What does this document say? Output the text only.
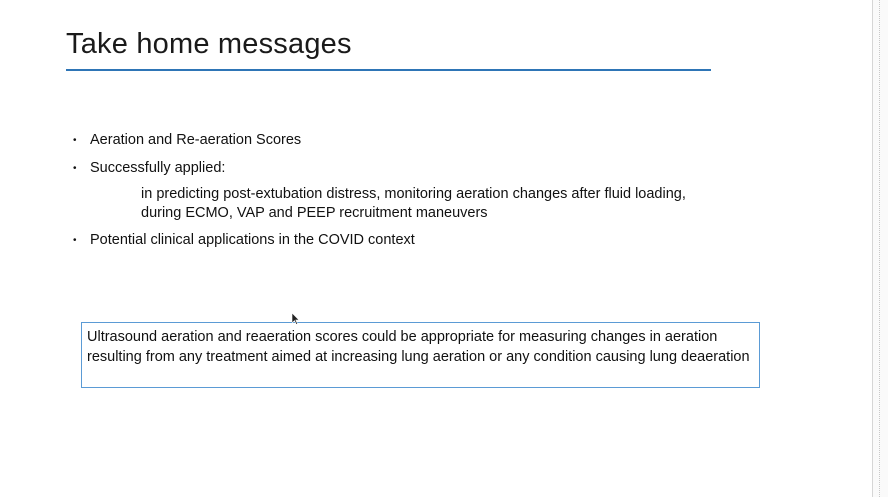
Take home messages
• Aeration and Re-aeration Scores
• Successfully applied:
• Potential clinical applications in the COVID context
in predicting post-extubation distress, monitoring aeration changes after fluid loading,
during ECMO, VAP and PEEP recruitment maneuvers
Ultrasound aeration and reaeration scores could be appropriate for measuring changes in aeration resulting from any treatment aimed at increasing lung aeration or any condition causing lung deaeration
